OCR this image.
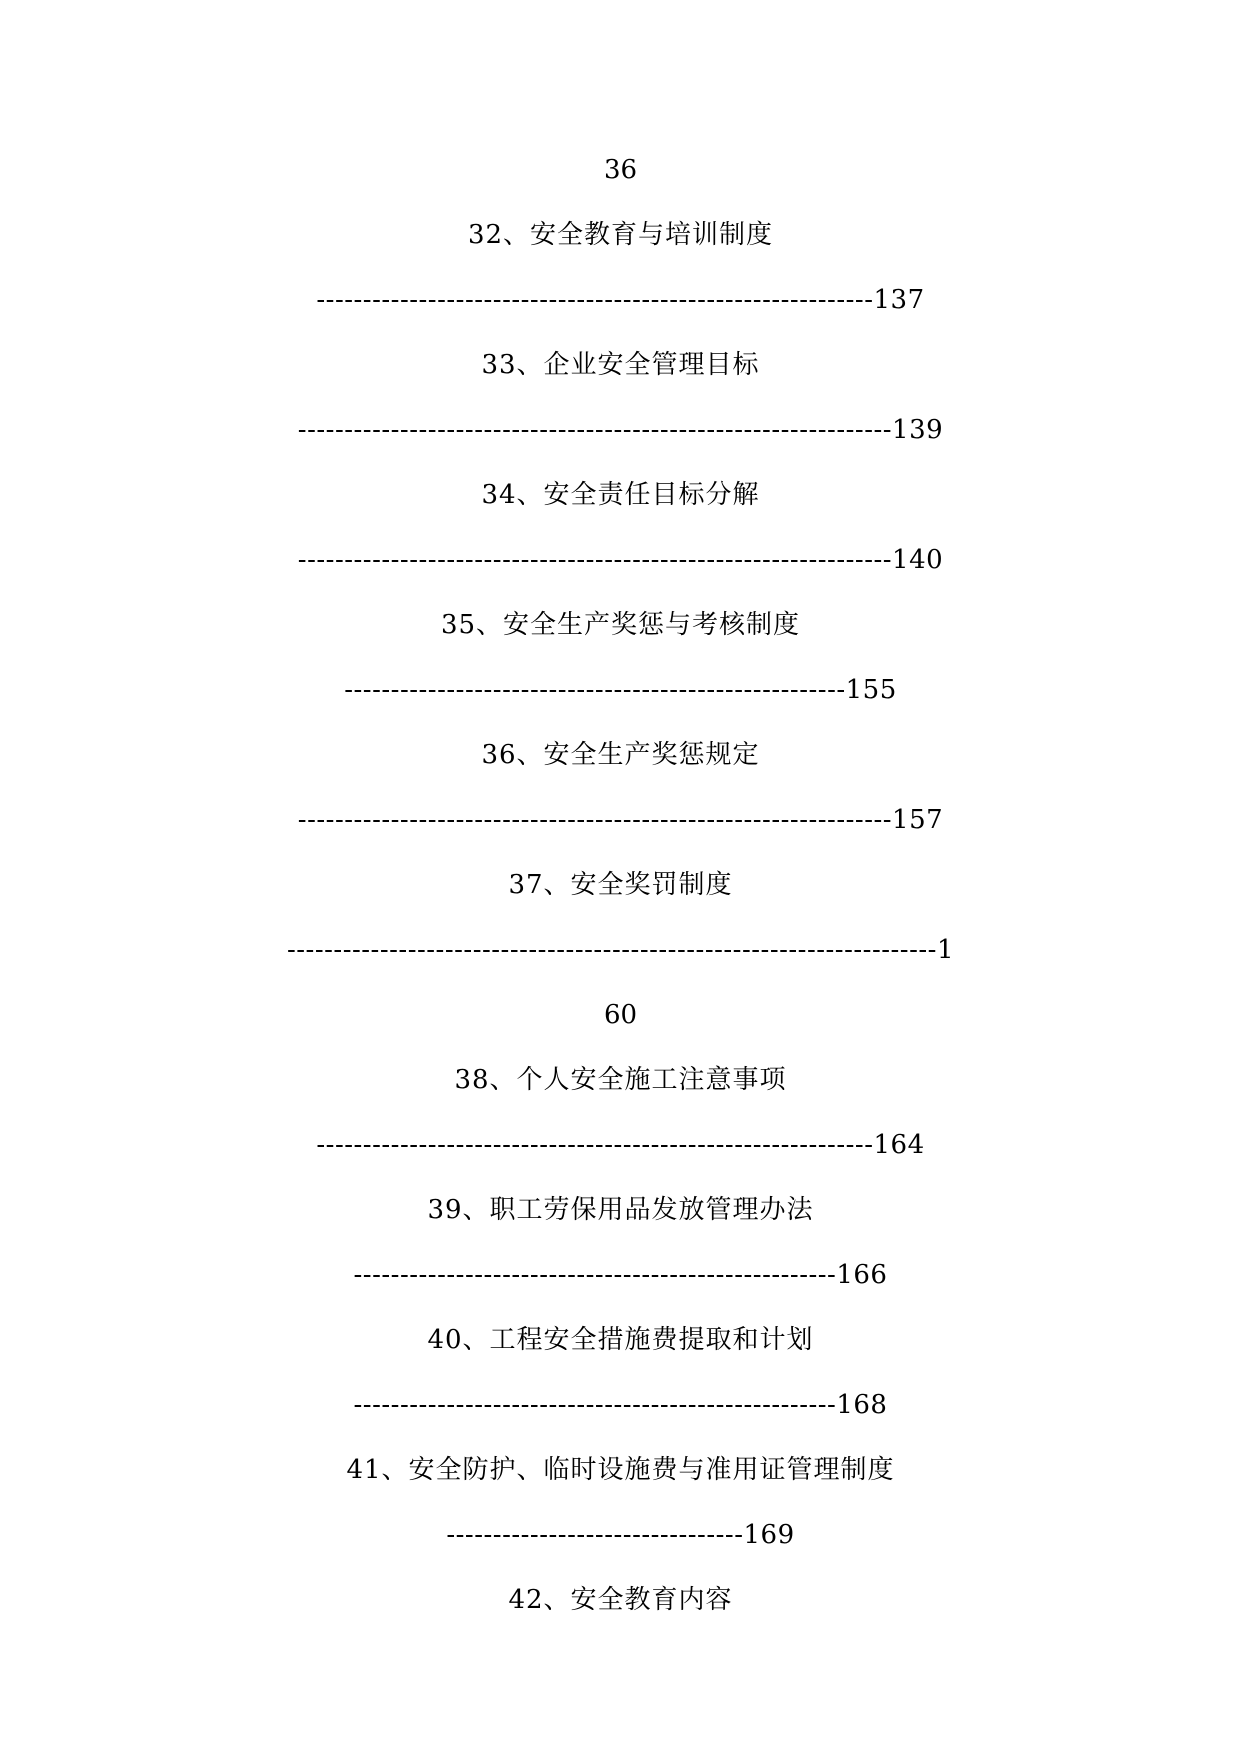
36
32、安全教育与培训制度
------------------------------------------------------------137
33、企业安全管理目标
----------------------------------------------------------------139
34、安全责任目标分解
----------------------------------------------------------------140
35、安全生产奖惩与考核制度
------------------------------------------------------155
36、安全生产奖惩规定
----------------------------------------------------------------157
37、安全奖罚制度
----------------------------------------------------------------------1
60
38、个人安全施工注意事项
------------------------------------------------------------164
39、职工劳保用品发放管理办法
----------------------------------------------------166
40、工程安全措施费提取和计划
----------------------------------------------------168
41、安全防护、临时设施费与准用证管理制度
--------------------------------169
42、安全教育内容
